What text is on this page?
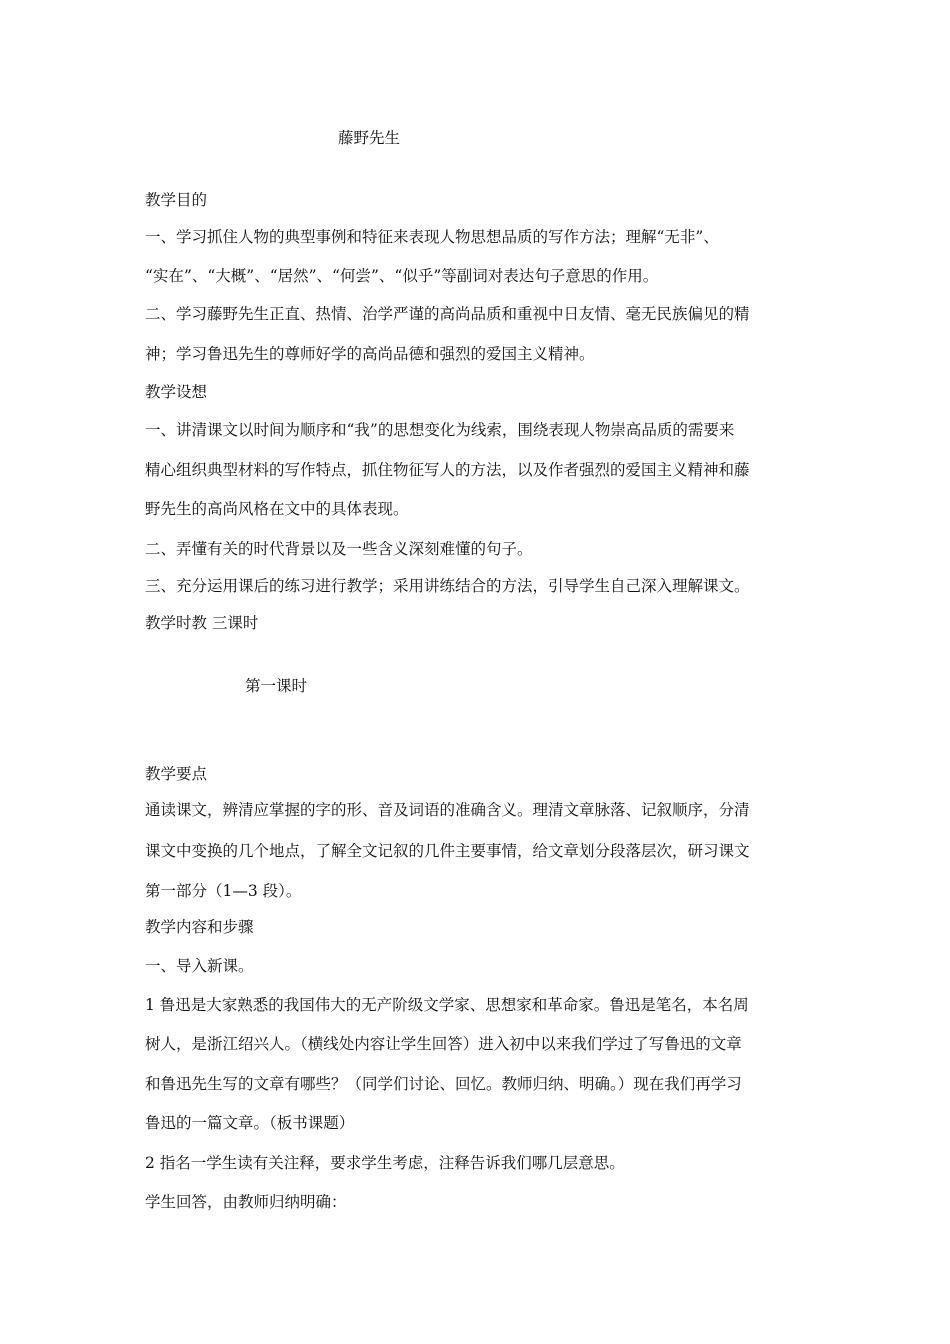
藤野先生
教学目的
一、学习抓住人物的典型事例和特征来表现人物思想品质的写作方法；理解“无非”、
“实在”、“大概”、“居然”、“何尝”、“似乎”等副词对表达句子意思的作用。
二、学习藤野先生正直、热情、治学严谨的高尚品质和重视中日友情、毫无民族偏见的精
神；学习鲁迅先生的尊师好学的高尚品德和强烈的爱国主义精神。
教学设想
一、讲清课文以时间为顺序和“我”的思想变化为线索，围绕表现人物崇高品质的需要来
精心组织典型材料的写作特点，抓住物征写人的方法，以及作者强烈的爱国主义精神和藤
野先生的高尚风格在文中的具体表现。
二、弄懂有关的时代背景以及一些含义深刻难懂的句子。
三、充分运用课后的练习进行教学；采用讲练结合的方法，引导学生自己深入理解课文。
教学时教 三课时
第一课时
教学要点
通读课文，辨清应掌握的字的形、音及词语的准确含义。理清文章脉落、记叙顺序，分清
课文中变换的几个地点，了解全文记叙的几件主要事情，给文章划分段落层次，研习课文
第一部分（1—3 段）。
教学内容和步骤
一、导入新课。
1 鲁迅是大家熟悉的我国伟大的无产阶级文学家、思想家和革命家。鲁迅是笔名，本名周
树人，是浙江绍兴人。（横线处内容让学生回答）进入初中以来我们学过了写鲁迅的文章
和鲁迅先生写的文章有哪些？（同学们讨论、回忆。教师归纳、明确。）现在我们再学习
鲁迅的一篇文章。（板书课题）
2 指名一学生读有关注释，要求学生考虑，注释告诉我们哪几层意思。
学生回答，由教师归纳明确：
